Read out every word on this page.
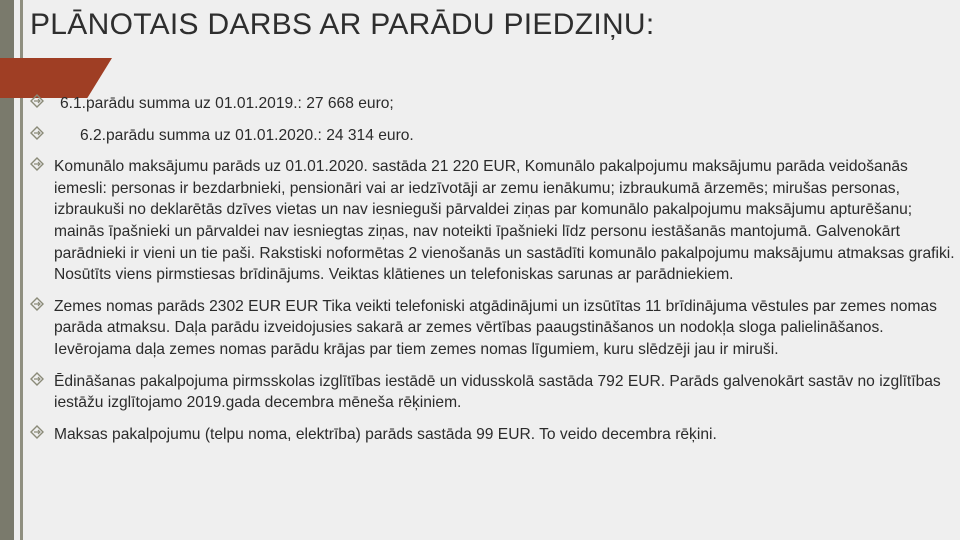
PLĀNOTAIS DARBS AR PARĀDU PIEDZIŅU:

6.1.parādu summa uz 01.01.2019.: 27 668 euro;

6.2.parādu summa uz 01.01.2020.: 24 314 euro.

Komunālo maksājumu parāds uz 01.01.2020. sastāda 21 220 EUR, Komunālo pakalpojumu maksājumu parāda veidošanās iemesli: personas ir bezdarbnieki, pensionāri vai ar iedzīvotāji ar zemu ienākumu; izbraukumā ārzemēs; mirušas personas, izbraukuši no deklarētās dzīves vietas un nav iesnieguši pārvaldei ziņas par komunālo pakalpojumu maksājumu apturēšanu; mainās īpašnieki un pārvaldei nav iesniegtas ziņas, nav noteikti īpašnieki līdz personu iestāšanās mantojumā. Galvenokārt parādnieki ir vieni un tie paši. Rakstiski noformētas 2 vienošanās un sastādīti komunālo pakalpojumu maksājumu atmaksas grafiki. Nosūtīts viens pirmstiesas brīdinājums. Veiktas klātienes un telefoniskas sarunas ar parādniekiem.

Zemes nomas parāds 2302 EUR EUR Tika veikti telefoniski atgādinājumi un izsūtītas 11 brīdinājuma vēstules par zemes nomas parāda atmaksu. Daļa parādu izveidojusies sakarā ar zemes vērtības paaugstināšanos un nodokļa sloga palielināšanos. Ievērojama daļa zemes nomas parādu krājas par tiem zemes nomas līgumiem, kuru slēdzēji jau ir miruši.

Ēdināšanas pakalpojuma pirmsskolas izglītības iestādē un vidusskolā sastāda 792 EUR. Parāds galvenokārt sastāv no izglītības iestāžu izglītojamo 2019.gada decembra mēneša rēķiniem.

Maksas pakalpojumu (telpu noma, elektrība) parāds sastāda 99 EUR. To veido decembra rēķini.
